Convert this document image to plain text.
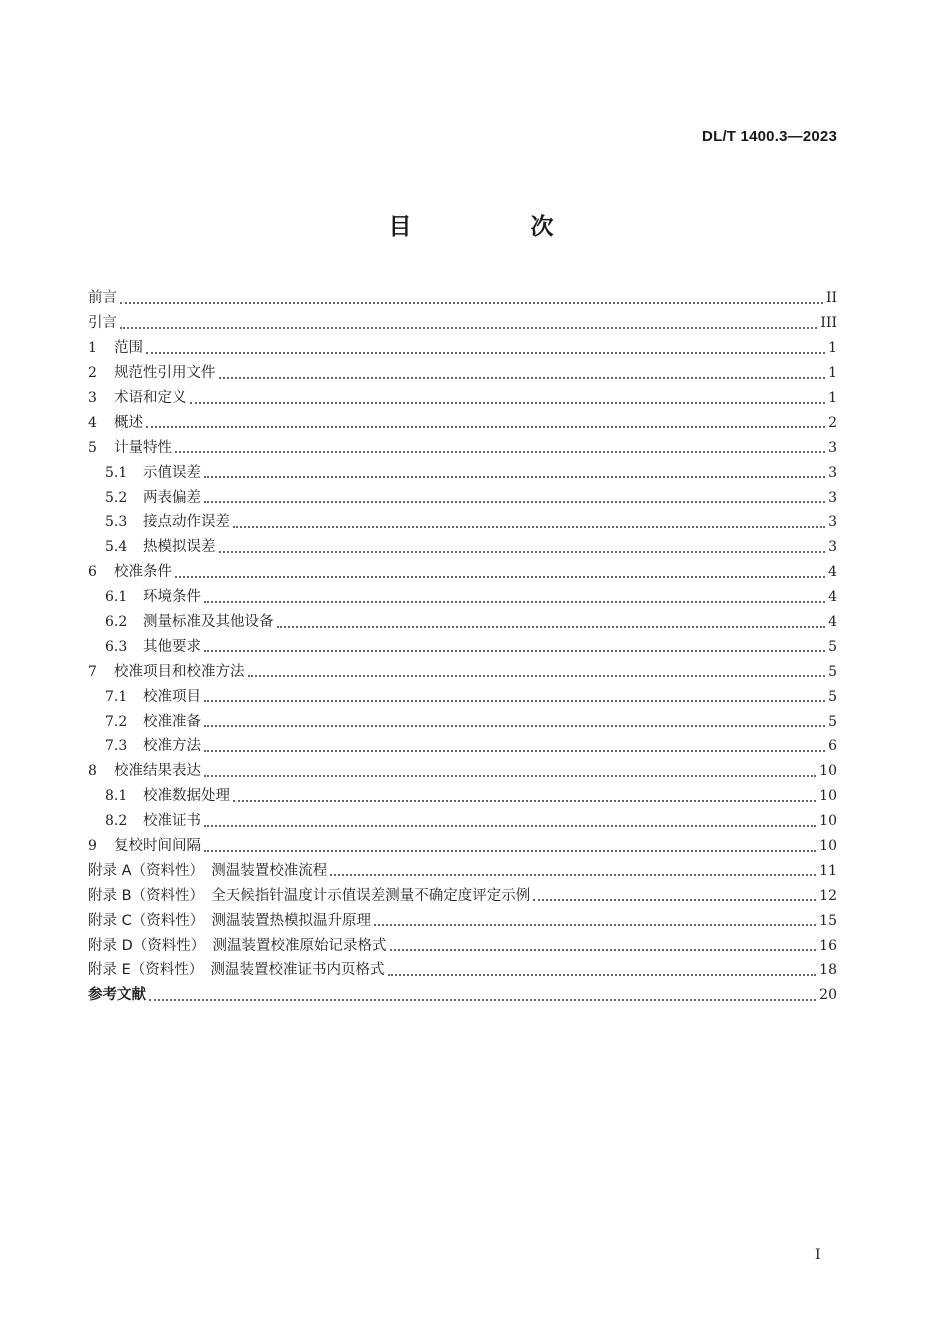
DL/T 1400.3—2023
目　次
前言	II
引言	III
1	范围	1
2	规范性引用文件	1
3	术语和定义	1
4	概述	2
5	计量特性	3
5.1	示值误差	3
5.2	两表偏差	3
5.3	接点动作误差	3
5.4	热模拟误差	3
6	校准条件	4
6.1	环境条件	4
6.2	测量标准及其他设备	4
6.3	其他要求	5
7	校准项目和校准方法	5
7.1	校准项目	5
7.2	校准准备	5
7.3	校准方法	6
8	校准结果表达	10
8.1	校准数据处理	10
8.2	校准证书	10
9	复校时间间隔	10
附录 A（资料性）　测温装置校准流程	11
附录 B（资料性）　全天候指针温度计示值误差测量不确定度评定示例	12
附录 C（资料性）　测温装置热模拟温升原理	15
附录 D（资料性）　测温装置校准原始记录格式	16
附录 E（资料性）　测温装置校准证书内页格式	18
参考文献	20
I
